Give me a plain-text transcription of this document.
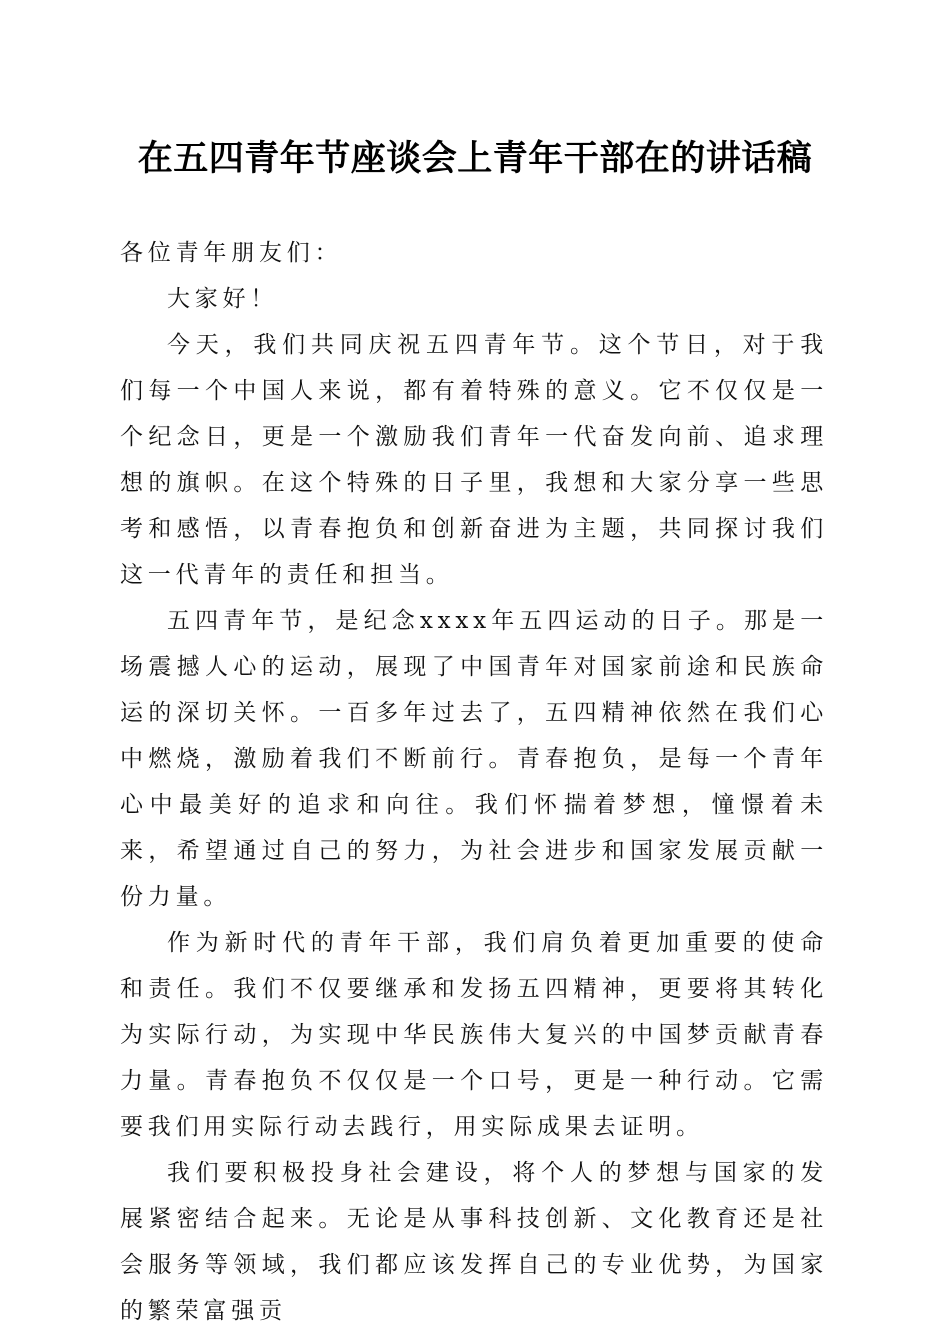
在五四青年节座谈会上青年干部在的讲话稿

各位青年朋友们：

大家好！

今天，我们共同庆祝五四青年节。这个节日，对于我们每一个中国人来说，都有着特殊的意义。它不仅仅是一个纪念日，更是一个激励我们青年一代奋发向前、追求理想的旗帜。在这个特殊的日子里，我想和大家分享一些思考和感悟，以青春抱负和创新奋进为主题，共同探讨我们这一代青年的责任和担当。

五四青年节，是纪念xxxx年五四运动的日子。那是一场震撼人心的运动，展现了中国青年对国家前途和民族命运的深切关怀。一百多年过去了，五四精神依然在我们心中燃烧，激励着我们不断前行。青春抱负，是每一个青年心中最美好的追求和向往。我们怀揣着梦想，憧憬着未来，希望通过自己的努力，为社会进步和国家发展贡献一份力量。

作为新时代的青年干部，我们肩负着更加重要的使命和责任。我们不仅要继承和发扬五四精神，更要将其转化为实际行动，为实现中华民族伟大复兴的中国梦贡献青春力量。青春抱负不仅仅是一个口号，更是一种行动。它需要我们用实际行动去践行，用实际成果去证明。

我们要积极投身社会建设，将个人的梦想与国家的发展紧密结合起来。无论是从事科技创新、文化教育还是社会服务等领域，我们都应该发挥自己的专业优势，为国家的繁荣富强贡
